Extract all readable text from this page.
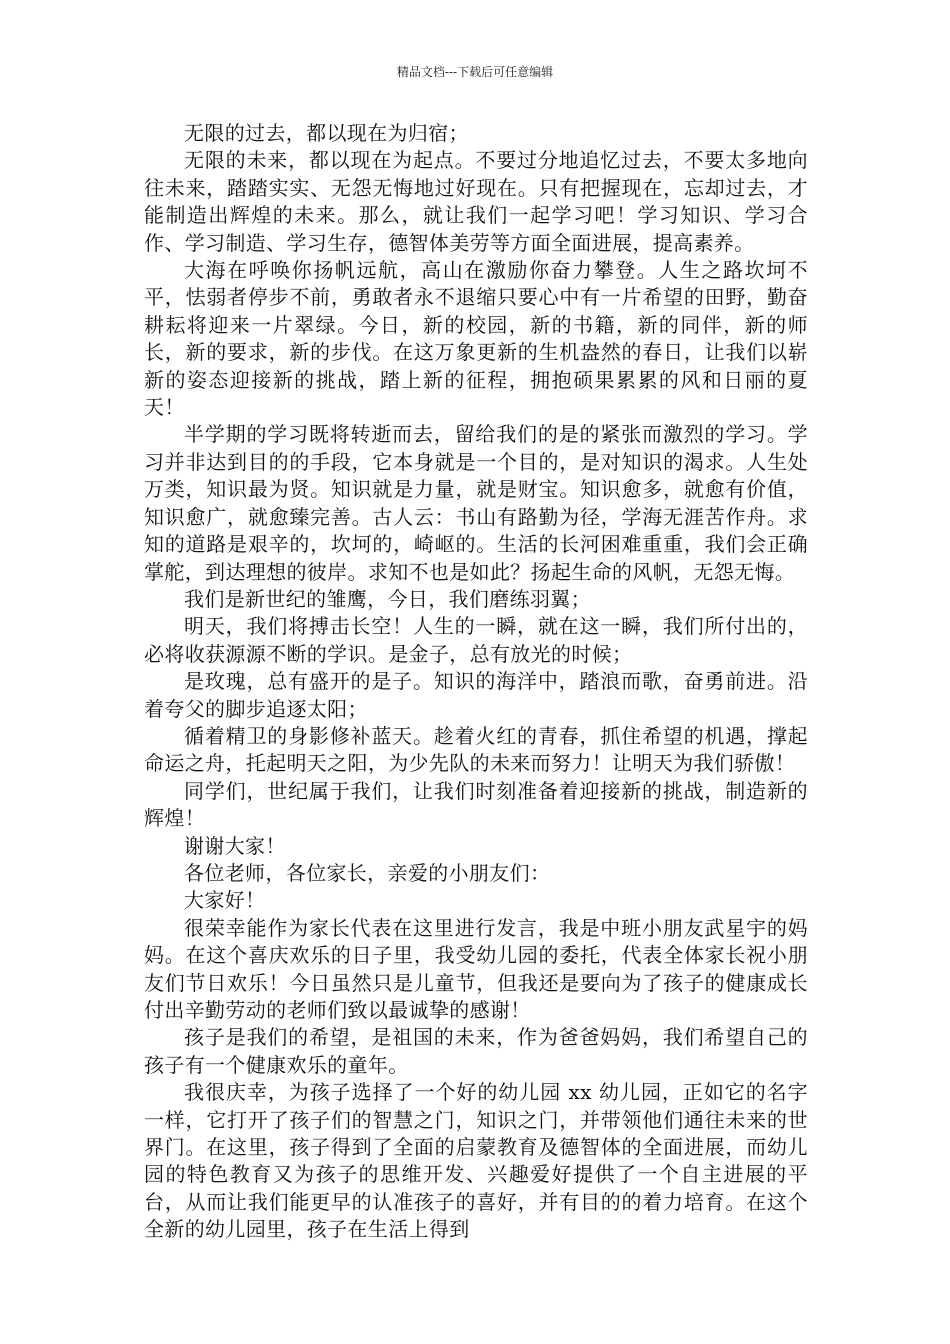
精品文档---下载后可任意编辑

无限的过去，都以现在为归宿；

无限的未来，都以现在为起点。不要过分地追忆过去，不要太多地向往未来，踏踏实实、无怨无悔地过好现在。只有把握现在，忘却过去，才能制造出辉煌的未来。那么，就让我们一起学习吧！学习知识、学习合作、学习制造、学习生存，德智体美劳等方面全面进展，提高素养。

大海在呼唤你扬帆远航，高山在激励你奋力攀登。人生之路坎坷不平，怯弱者停步不前，勇敢者永不退缩只要心中有一片希望的田野，勤奋耕耘将迎来一片翠绿。今日，新的校园，新的书籍，新的同伴，新的师长，新的要求，新的步伐。在这万象更新的生机盎然的春日，让我们以崭新的姿态迎接新的挑战，踏上新的征程，拥抱硕果累累的风和日丽的夏天！

半学期的学习既将转逝而去，留给我们的是的紧张而激烈的学习。学习并非达到目的的手段，它本身就是一个目的，是对知识的渴求。人生处万类，知识最为贤。知识就是力量，就是财宝。知识愈多，就愈有价值，知识愈广，就愈臻完善。古人云：书山有路勤为径，学海无涯苦作舟。求知的道路是艰辛的，坎坷的，崎岖的。生活的长河困难重重，我们会正确掌舵，到达理想的彼岸。求知不也是如此？扬起生命的风帆，无怨无悔。

我们是新世纪的雏鹰，今日，我们磨练羽翼；

明天，我们将搏击长空！人生的一瞬，就在这一瞬，我们所付出的，必将收获源源不断的学识。是金子，总有放光的时候；

是玫瑰，总有盛开的是子。知识的海洋中，踏浪而歌，奋勇前进。沿着夸父的脚步追逐太阳；

循着精卫的身影修补蓝天。趁着火红的青春，抓住希望的机遇，撑起命运之舟，托起明天之阳，为少先队的未来而努力！让明天为我们骄傲！

同学们，世纪属于我们，让我们时刻准备着迎接新的挑战，制造新的辉煌！

谢谢大家！

各位老师，各位家长，亲爱的小朋友们：

大家好！

很荣幸能作为家长代表在这里进行发言，我是中班小朋友武星宇的妈妈。在这个喜庆欢乐的日子里，我受幼儿园的委托，代表全体家长祝小朋友们节日欢乐！今日虽然只是儿童节，但我还是要向为了孩子的健康成长付出辛勤劳动的老师们致以最诚挚的感谢！

孩子是我们的希望，是祖国的未来，作为爸爸妈妈，我们希望自己的孩子有一个健康欢乐的童年。

我很庆幸，为孩子选择了一个好的幼儿园 xx 幼儿园，正如它的名字一样，它打开了孩子们的智慧之门，知识之门，并带领他们通往未来的世界门。在这里，孩子得到了全面的启蒙教育及德智体的全面进展，而幼儿园的特色教育又为孩子的思维开发、兴趣爱好提供了一个自主进展的平台，从而让我们能更早的认准孩子的喜好，并有目的的着力培育。在这个全新的幼儿园里，孩子在生活上得到
